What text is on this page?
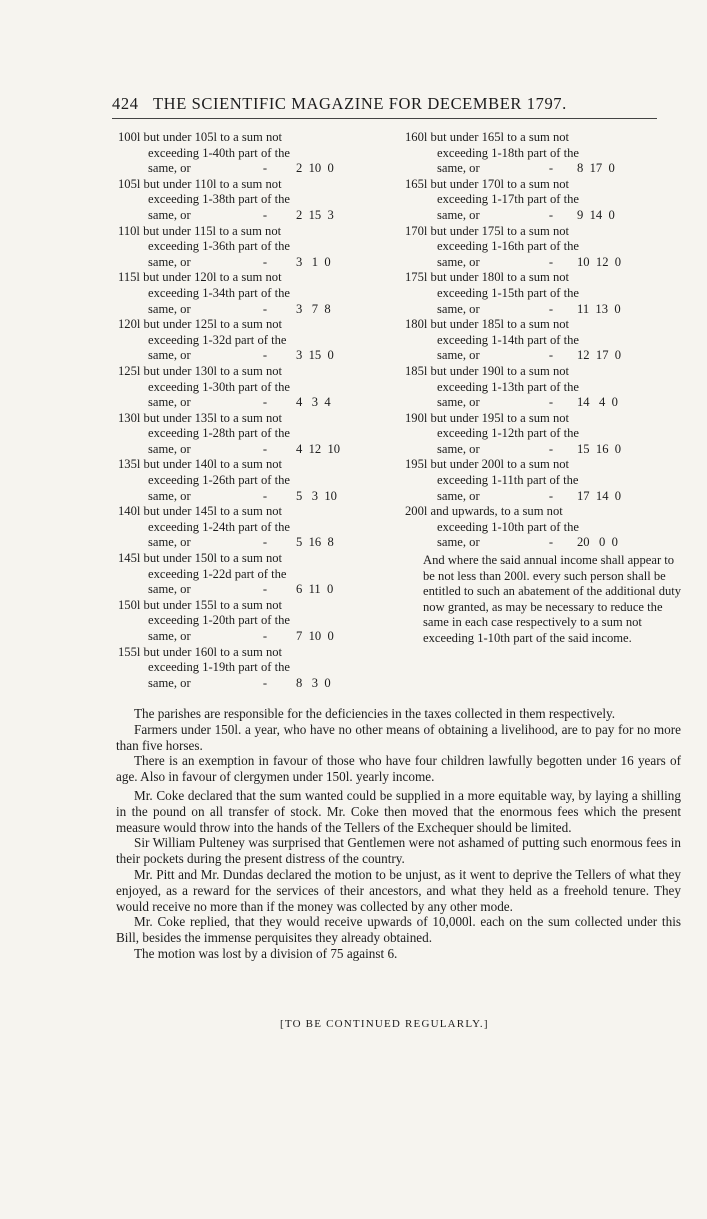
424 THE SCIENTIFIC MAGAZINE FOR DECEMBER 1797.
100l but under 105l to a sum not
exceeding 1-40th part of the
same, or	-	2  10  0
105l but under 110l to a sum not
exceeding 1-38th part of the
same, or	-	2  15  3
110l but under 115l to a sum not
exceeding 1-36th part of the
same, or	-	3   1  0
115l but under 120l to a sum not
exceeding 1-34th part of the
same, or	-	3   7  8
120l but under 125l to a sum not
exceeding 1-32d part of the
same, or	-	3  15  0
125l but under 130l to a sum not
exceeding 1-30th part of the
same, or	-	4   3  4
130l but under 135l to a sum not
exceeding 1-28th part of the
same, or	-	4  12  10
135l but under 140l to a sum not
exceeding 1-26th part of the
same, or	-	5   3  10
140l but under 145l to a sum not
exceeding 1-24th part of the
same, or	-	5  16  8
145l but under 150l to a sum not
exceeding 1-22d part of the
same, or	-	6  11  0
150l but under 155l to a sum not
exceeding 1-20th part of the
same, or	-	7  10  0
155l but under 160l to a sum not
exceeding 1-19th part of the
same, or	-	8   3  0
160l but under 165l to a sum not
exceeding 1-18th part of the
same, or	-	8  17  0
165l but under 170l to a sum not
exceeding 1-17th part of the
same, or	-	9  14  0
170l but under 175l to a sum not
exceeding 1-16th part of the
same, or	-	10  12  0
175l but under 180l to a sum not
exceeding 1-15th part of the
same, or	-	11  13  0
180l but under 185l to a sum not
exceeding 1-14th part of the
same, or	-	12  17  0
185l but under 190l to a sum not
exceeding 1-13th part of the
same, or	-	14   4  0
190l but under 195l to a sum not
exceeding 1-12th part of the
same, or	-	15  16  0
195l but under 200l to a sum not
exceeding 1-11th part of the
same, or	-	17  14  0
200l and upwards, to a sum not
exceeding 1-10th part of the
same, or	-	20   0  0

And where the said annual income shall appear to be not less than 200l. every such person shall be entitled to such an abatement of the additional duty now granted, as may be necessary to reduce the same in each case respectively to a sum not exceeding 1-10th part of the said income.

The parishes are responsible for the deficiencies in the taxes collected in them respectively.

Farmers under 150l. a year, who have no other means of obtaining a livelihood, are to pay for no more than five horses.

There is an exemption in favour of those who have four children lawfully begotten under 16 years of age. Also in favour of clergymen under 150l. yearly income.

Mr. Coke declared that the sum wanted could be supplied in a more equitable way, by laying a shilling in the pound on all transfer of stock. Mr. Coke then moved that the enormous fees which the present measure would throw into the hands of the Tellers of the Exchequer should be limited.

Sir William Pulteney was surprised that Gentlemen were not ashamed of putting such enormous fees in their pockets during the present distress of the country.

Mr. Pitt and Mr. Dundas declared the motion to be unjust, as it went to deprive the Tellers of what they enjoyed, as a reward for the services of their ancestors, and what they held as a freehold tenure. They would receive no more than if the money was collected by any other mode.

Mr. Coke replied, that they would receive upwards of 10,000l. each on the sum collected under this Bill, besides the immense perquisites they already obtained.

The motion was lost by a division of 75 against 6.

[TO BE CONTINUED REGULARLY.]
